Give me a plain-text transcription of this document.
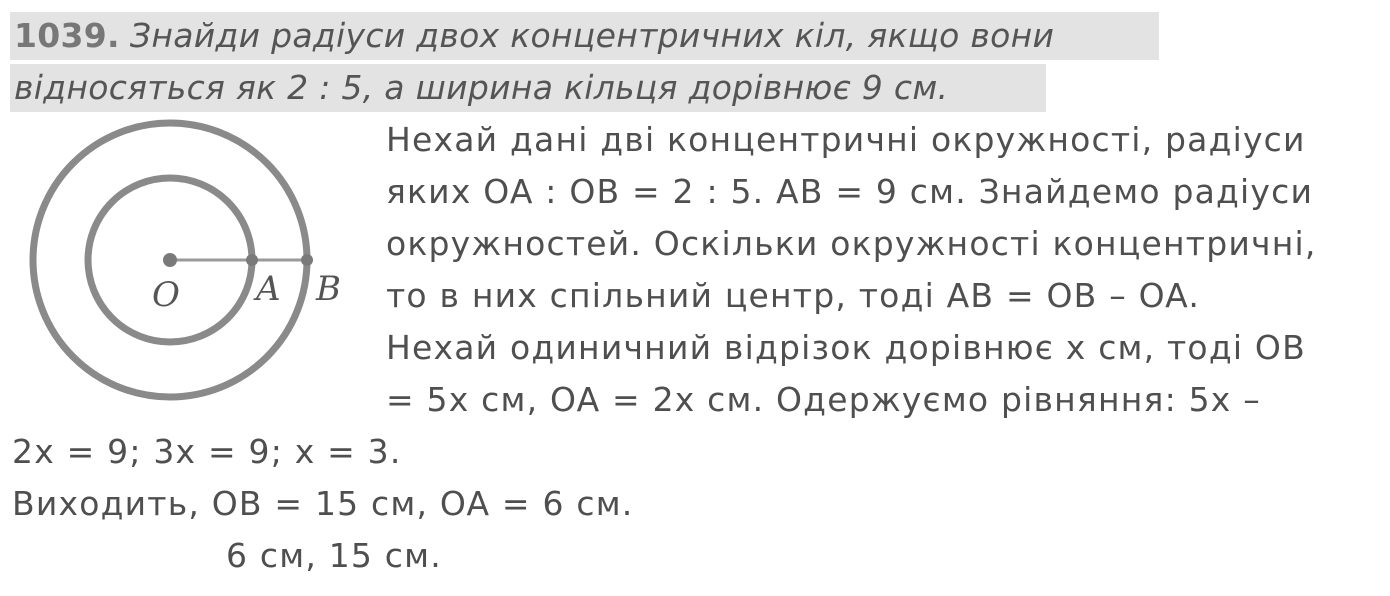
1039. Знайди радіуси двох концентричних кіл, якщо вони
відносяться як 2 : 5, а ширина кільця дорівнює 9 см.
O A B
Нехай дані дві концентричні окружності, радіуси
яких OA : OB = 2 : 5. AB = 9 см. Знайдемо радіуси
окружностей. Оскільки окружності концентричні,
то в них спільний центр, тоді AB = OB – OA.
Нехай одиничний відрізок дорівнює x см, тоді OB
= 5x см, OA = 2x см. Одержуємо рівняння: 5x –
2x = 9; 3x = 9; x = 3.
Виходить, OB = 15 см, OA = 6 см.
6 см, 15 см.
